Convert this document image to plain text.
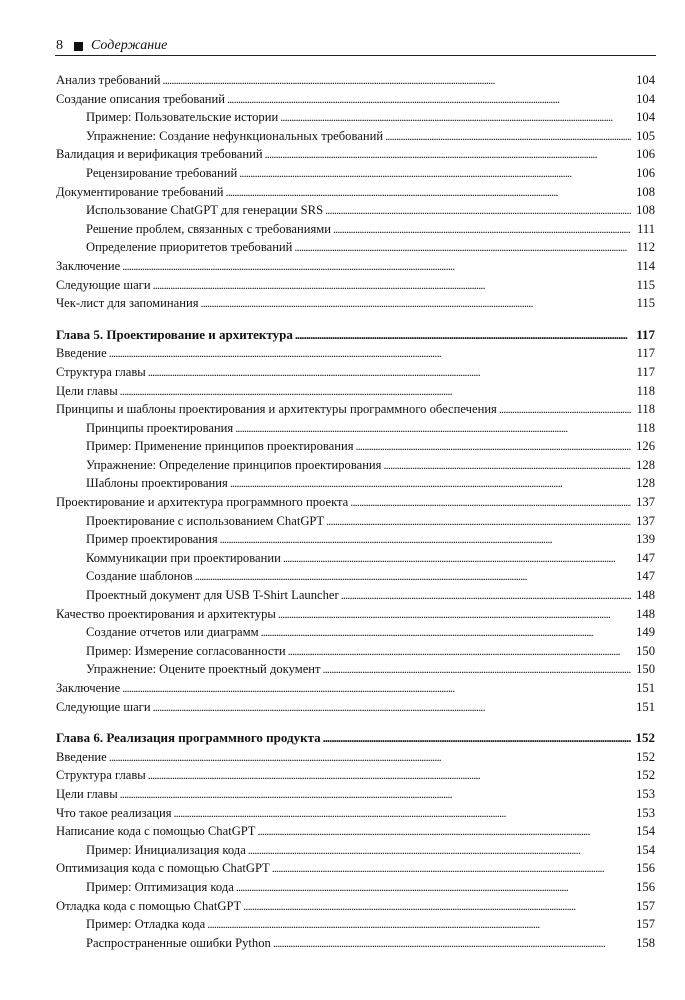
8	Содержание
Анализ требований . . .	104
Создание описания требований . . .	104
Пример: Пользовательские истории . . .	104
Упражнение: Создание нефункциональных требований . . .	105
Валидация и верификация требований . . .	106
Рецензирование требований . . .	106
Документирование требований . . .	108
Использование ChatGPT для генерации SRS . . .	108
Решение проблем, связанных с требованиями . . .	111
Определение приоритетов требований . . .	112
Заключение . . .	114
Следующие шаги . . .	115
Чек-лист для запоминания . . .	115
Глава 5. Проектирование и архитектура . . .	117
Введение . . .	117
Структура главы . . .	117
Цели главы . . .	118
Принципы и шаблоны проектирования и архитектуры программного обеспечения . . .	118
Принципы проектирования . . .	118
Пример: Применение принципов проектирования . . .	126
Упражнение: Определение принципов проектирования . . .	128
Шаблоны проектирования . . .	128
Проектирование и архитектура программного проекта . . .	137
Проектирование с использованием ChatGPT . . .	137
Пример проектирования . . .	139
Коммуникации при проектировании . . .	147
Создание шаблонов . . .	147
Проектный документ для USB T-Shirt Launcher . . .	148
Качество проектирования и архитектуры . . .	148
Создание отчетов или диаграмм . . .	149
Пример: Измерение согласованности . . .	150
Упражнение: Оцените проектный документ . . .	150
Заключение . . .	151
Следующие шаги . . .	151
Глава 6. Реализация программного продукта . . .	152
Введение . . .	152
Структура главы . . .	152
Цели главы . . .	153
Что такое реализация . . .	153
Написание кода с помощью ChatGPT . . .	154
Пример: Инициализация кода . . .	154
Оптимизация кода с помощью ChatGPT . . .	156
Пример: Оптимизация кода . . .	156
Отладка кода с помощью ChatGPT . . .	157
Пример: Отладка кода . . .	157
Распространенные ошибки Python . . .	158
